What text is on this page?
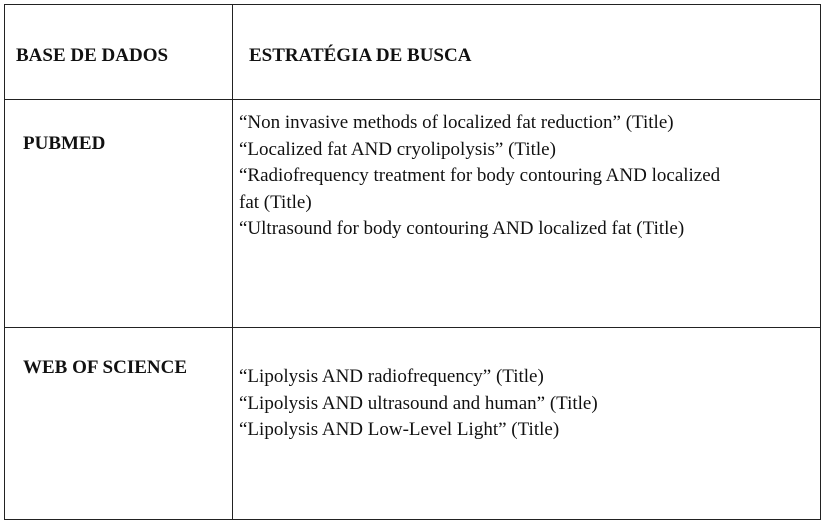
BASE DE DADOS	ESTRATÉGIA DE BUSCA
PUBMED
“Non invasive methods of localized fat reduction” (Title)
“Localized fat AND cryolipolysis” (Title)
“Radiofrequency treatment for body contouring AND localized
fat (Title)
“Ultrasound for body contouring AND localized fat (Title)
WEB OF SCIENCE	“Lipolysis AND radiofrequency” (Title)
“Lipolysis AND ultrasound and human” (Title)
“Lipolysis AND Low-Level Light” (Title)
